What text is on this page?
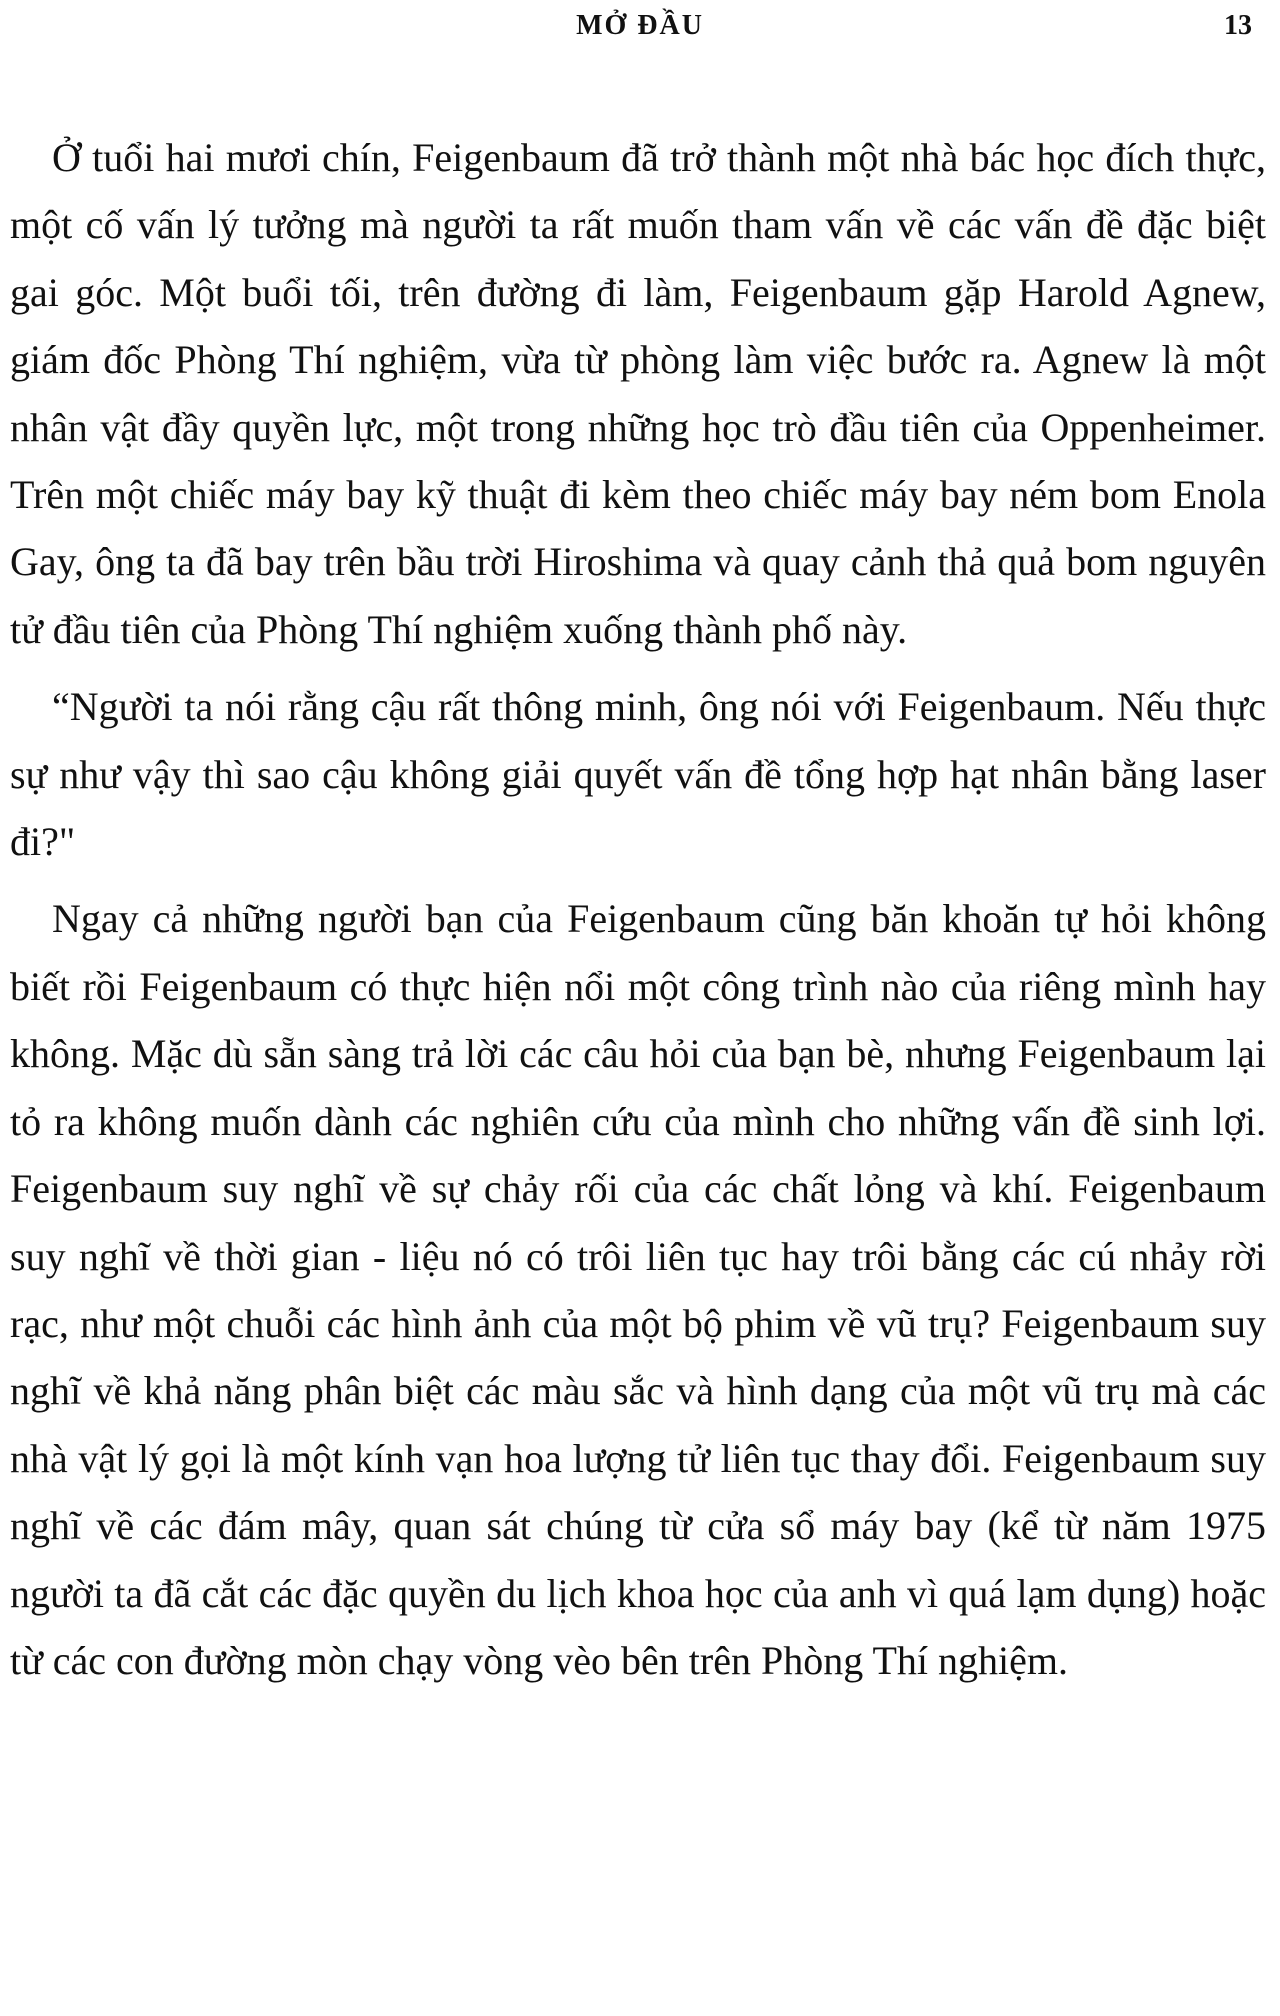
MỞ ĐẦU	13

Ở tuổi hai mươi chín, Feigenbaum đã trở thành một nhà bác học đích thực, một cố vấn lý tưởng mà người ta rất muốn tham vấn về các vấn đề đặc biệt gai góc. Một buổi tối, trên đường đi làm, Feigenbaum gặp Harold Agnew, giám đốc Phòng Thí nghiệm, vừa từ phòng làm việc bước ra. Agnew là một nhân vật đầy quyền lực, một trong những học trò đầu tiên của Oppenheimer. Trên một chiếc máy bay kỹ thuật đi kèm theo chiếc máy bay ném bom Enola Gay, ông ta đã bay trên bầu trời Hiroshima và quay cảnh thả quả bom nguyên tử đầu tiên của Phòng Thí nghiệm xuống thành phố này.

“Người ta nói rằng cậu rất thông minh, ông nói với Feigenbaum. Nếu thực sự như vậy thì sao cậu không giải quyết vấn đề tổng hợp hạt nhân bằng laser đi?"

Ngay cả những người bạn của Feigenbaum cũng băn khoăn tự hỏi không biết rồi Feigenbaum có thực hiện nổi một công trình nào của riêng mình hay không. Mặc dù sẵn sàng trả lời các câu hỏi của bạn bè, nhưng Feigenbaum lại tỏ ra không muốn dành các nghiên cứu của mình cho những vấn đề sinh lợi. Feigenbaum suy nghĩ về sự chảy rối của các chất lỏng và khí. Feigenbaum suy nghĩ về thời gian - liệu nó có trôi liên tục hay trôi bằng các cú nhảy rời rạc, như một chuỗi các hình ảnh của một bộ phim về vũ trụ? Feigenbaum suy nghĩ về khả năng phân biệt các màu sắc và hình dạng của một vũ trụ mà các nhà vật lý gọi là một kính vạn hoa lượng tử liên tục thay đổi. Feigenbaum suy nghĩ về các đám mây, quan sát chúng từ cửa sổ máy bay (kể từ năm 1975 người ta đã cắt các đặc quyền du lịch khoa học của anh vì quá lạm dụng) hoặc từ các con đường mòn chạy vòng vèo bên trên Phòng Thí nghiệm.
